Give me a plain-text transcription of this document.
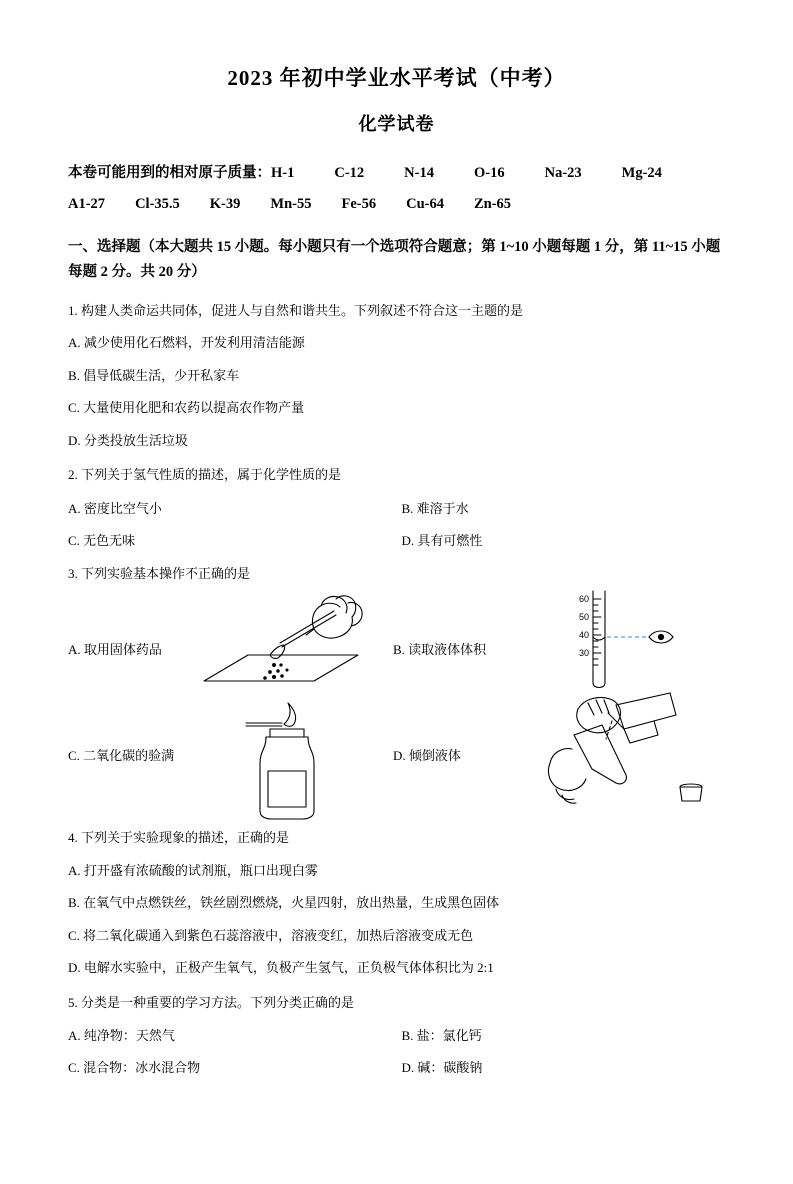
2023 年初中学业水平考试（中考）
化学试卷
本卷可能用到的相对原子质量：H-1	C-12	N-14	O-16	Na-23	Mg-24
A1-27 Cl-35.5 K-39 Mn-55 Fe-56 Cu-64 Zn-65
一、选择题（本大题共 15 小题。每小题只有一个选项符合题意；第 1~10 小题每题 1 分，第 11~15 小题每题 2 分。共 20 分）
1. 构建人类命运共同体，促进人与自然和谐共生。下列叙述不符合这一主题的是
A. 减少使用化石燃料，开发利用清洁能源
B. 倡导低碳生活，少开私家车
C. 大量使用化肥和农药以提高农作物产量
D. 分类投放生活垃圾
2. 下列关于氢气性质的描述，属于化学性质的是
A. 密度比空气小	B. 难溶于水
C. 无色无味	D. 具有可燃性
3. 下列实验基本操作不正确的是
A. 取用固体药品	B. 读取液体体积
60
50
40
30
C. 二氧化碳的验满	D. 倾倒液体
4. 下列关于实验现象的描述，正确的是
A. 打开盛有浓硫酸的试剂瓶，瓶口出现白雾
B. 在氧气中点燃铁丝，铁丝剧烈燃烧，火星四射，放出热量，生成黑色固体
C. 将二氧化碳通入到紫色石蕊溶液中，溶液变红，加热后溶液变成无色
D. 电解水实验中，正极产生氧气，负极产生氢气，正负极气体体积比为 2:1
5. 分类是一种重要的学习方法。下列分类正确的是
A. 纯净物：天然气	B. 盐：氯化钙
C. 混合物：冰水混合物	D. 碱：碳酸钠
